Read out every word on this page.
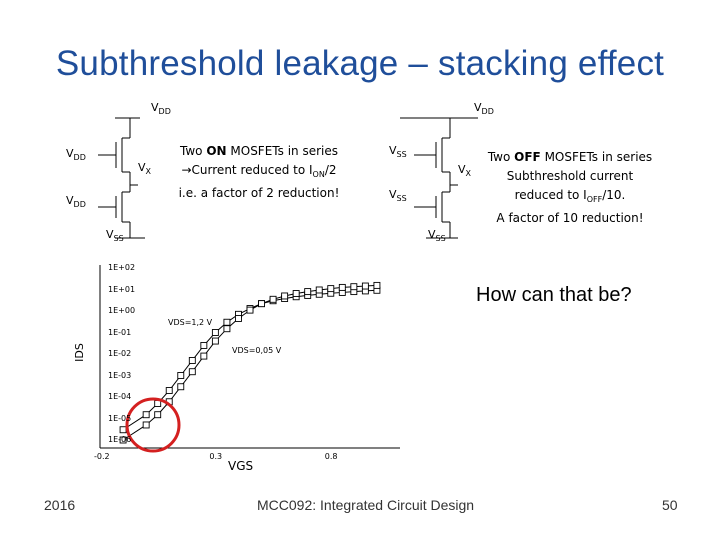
Subthreshold leakage – stacking effect
$V_{DD}$
$V_{DD}$
$V_{DD}$
$V_X$
$V_{SS}$
Two ON MOSFETs in series
→Current reduced to $I_{ON}/2$
i.e. a factor of 2 reduction!
$V_{DD}$
$V_{SS}$
$V_{SS}$
$V_X$
$V_{SS}$
Two OFF MOSFETs in series
Subthreshold current
reduced to $I_{OFF}/10$.
A factor of 10 reduction!
1E+02
1E+01
1E+00
1E-01
1E-02
1E-03
1E-04
1E-05
1E-06
-0.2	0.3	0.8
IDS
VGS
VDS=1,2 V
VDS=0,05 V
How can that be?
2016	MCC092: Integrated Circuit Design	50
